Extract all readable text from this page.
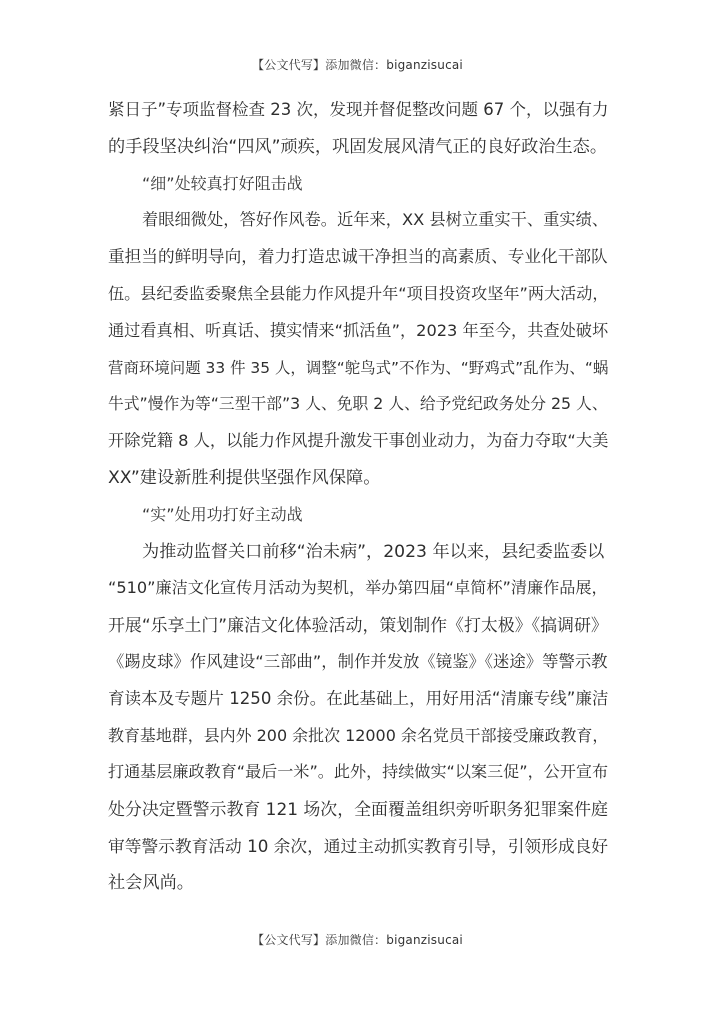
【公文代写】添加微信：biganzisucai
紧日子”专项监督检查 23 次，发现并督促整改问题 67 个，以强有力
的手段坚决纠治“四风”顽疾，巩固发展风清气正的良好政治生态。
“细”处较真打好阻击战
着眼细微处，答好作风卷。近年来，XX 县树立重实干、重实绩、
重担当的鲜明导向，着力打造忠诚干净担当的高素质、专业化干部队
伍。县纪委监委聚焦全县能力作风提升年“项目投资攻坚年”两大活动，
通过看真相、听真话、摸实情来“抓活鱼”，2023 年至今，共查处破坏
营商环境问题 33 件 35 人，调整“鸵鸟式”不作为、“野鸡式”乱作为、“蜗
牛式”慢作为等“三型干部”3 人、免职 2 人、给予党纪政务处分 25 人、
开除党籍 8 人，以能力作风提升激发干事创业动力，为奋力夺取“大美
XX”建设新胜利提供坚强作风保障。
“实”处用功打好主动战
为推动监督关口前移“治未病”，2023 年以来，县纪委监委以
“510”廉洁文化宣传月活动为契机，举办第四届“卓简杯”清廉作品展，
开展“乐享土门”廉洁文化体验活动，策划制作《打太极》《搞调研》
《踢皮球》作风建设“三部曲”，制作并发放《镜鉴》《迷途》等警示教
育读本及专题片 1250 余份。在此基础上，用好用活“清廉专线”廉洁
教育基地群，县内外 200 余批次 12000 余名党员干部接受廉政教育，
打通基层廉政教育“最后一米”。此外，持续做实“以案三促”，公开宣布
处分决定暨警示教育 121 场次，全面覆盖组织旁听职务犯罪案件庭
审等警示教育活动 10 余次，通过主动抓实教育引导，引领形成良好
社会风尚。
【公文代写】添加微信：biganzisucai
